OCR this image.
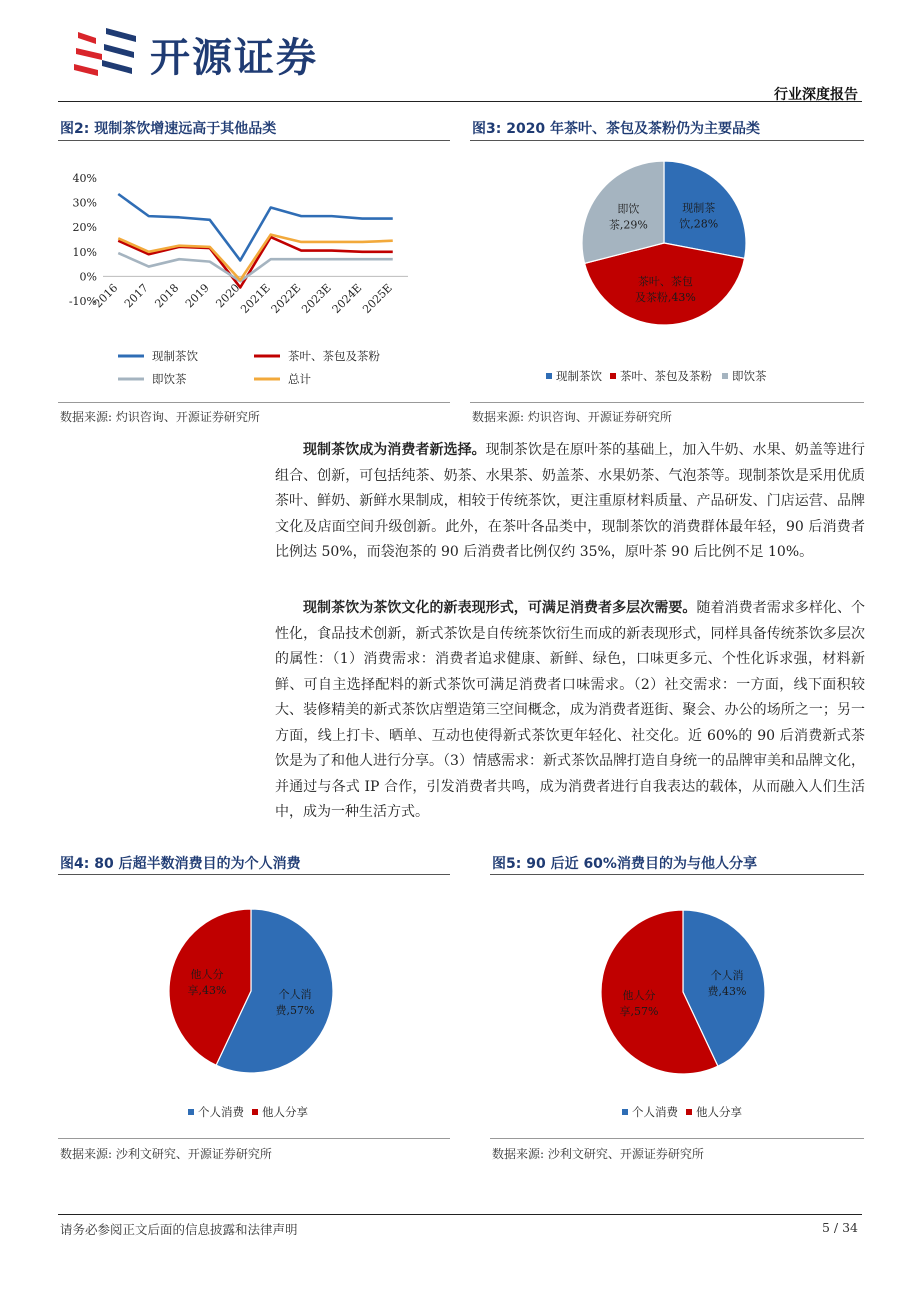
开源证券
行业深度报告
图2: 现制茶饮增速远高于其他品类
40%
30%
20%
10%
0%
-10%
2016 2017 2018 2019 2020
2021E
2022E
2023E
2024E
2025E
现制茶饮	茶叶、茶包及茶粉
即饮茶	总计
数据来源: 灼识咨询、开源证券研究所
图3: 2020 年茶叶、茶包及茶粉仍为主要品类
现制茶
饮,28%
茶叶、茶包
及茶粉,43%
即饮
茶,29%
现制茶饮 茶叶、茶包及茶粉 即饮茶
数据来源: 灼识咨询、开源证券研究所

现制茶饮成为消费者新选择。现制茶饮是在原叶茶的基础上，加入牛奶、水果、奶盖等进行组合、创新，可包括纯茶、奶茶、水果茶、奶盖茶、水果奶茶、气泡茶等。现制茶饮是采用优质茶叶、鲜奶、新鲜水果制成，相较于传统茶饮，更注重原材料质量、产品研发、门店运营、品牌文化及店面空间升级创新。此外，在茶叶各品类中，现制茶饮的消费群体最年轻，90 后消费者比例达 50%，而袋泡茶的 90 后消费者比例仅约 35%，原叶茶 90 后比例不足 10%。

现制茶饮为茶饮文化的新表现形式，可满足消费者多层次需要。随着消费者需求多样化、个性化，食品技术创新，新式茶饮是自传统茶饮衍生而成的新表现形式，同样具备传统茶饮多层次的属性：（1）消费需求：消费者追求健康、新鲜、绿色，口味更多元、个性化诉求强，材料新鲜、可自主选择配料的新式茶饮可满足消费者口味需求。（2）社交需求：一方面，线下面积较大、装修精美的新式茶饮店塑造第三空间概念，成为消费者逛街、聚会、办公的场所之一；另一方面，线上打卡、晒单、互动也使得新式茶饮更年轻化、社交化。近 60%的 90 后消费新式茶饮是为了和他人进行分享。（3）情感需求：新式茶饮品牌打造自身统一的品牌审美和品牌文化，并通过与各式 IP 合作，引发消费者共鸣，成为消费者进行自我表达的载体，从而融入人们生活中，成为一种生活方式。

图4: 80 后超半数消费目的为个人消费
个人消
费,57%
他人分
享,43%
个人消费 他人分享
数据来源: 沙利文研究、开源证券研究所
图5: 90 后近 60%消费目的为与他人分享
个人消
费,43%
他人分
享,57%
个人消费 他人分享
数据来源: 沙利文研究、开源证券研究所
请务必参阅正文后面的信息披露和法律声明	5 / 34
